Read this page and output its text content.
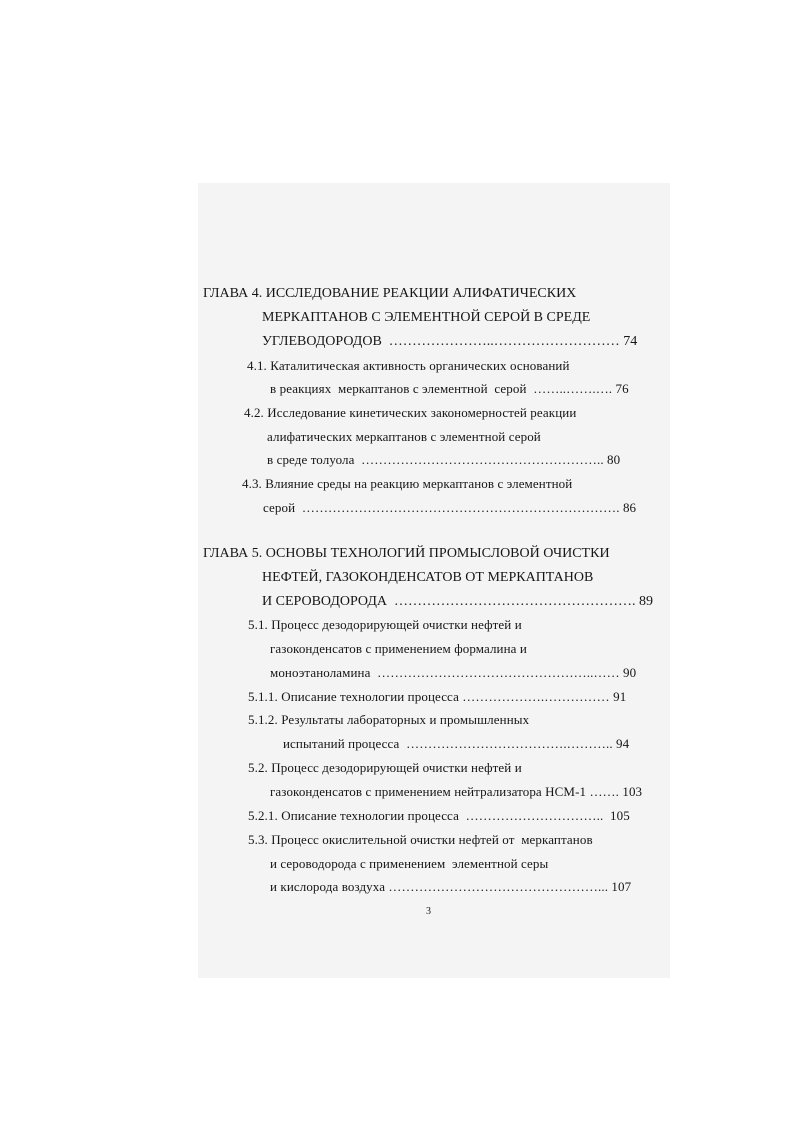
ГЛАВА 4. ИССЛЕДОВАНИЕ РЕАКЦИИ АЛИФАТИЧЕСКИХ
МЕРКАПТАНОВ С ЭЛЕМЕНТНОЙ СЕРОЙ В СРЕДЕ
УГЛЕВОДОРОДОВ  …………………..……………………… 74
4.1. Каталитическая активность органических оснований
в реакциях  меркаптанов с элементной  серой  ……..…….…. 76
4.2. Исследование кинетических закономерностей реакции
алифатических меркаптанов с элементной серой
в среде толуола  ……………………………………………….. 80
4.3. Влияние среды на реакцию меркаптанов с элементной
серой  ………………………………………………………………. 86
ГЛАВА 5. ОСНОВЫ ТЕХНОЛОГИЙ ПРОМЫСЛОВОЙ ОЧИСТКИ
НЕФТЕЙ, ГАЗОКОНДЕНСАТОВ ОТ МЕРКАПТАНОВ
И СЕРОВОДОРОДА  ……………………………………………. 89
5.1. Процесс дезодорирующей очистки нефтей и
газоконденсатов с применением формалина и
моноэтаноламина  …………………………………………..…… 90
5.1.1. Описание технологии процесса ……………….…………… 91
5.1.2. Результаты лабораторных и промышленных
испытаний процесса  ……………………………….……….. 94
5.2. Процесс дезодорирующей очистки нефтей и
газоконденсатов с применением нейтрализатора НСМ-1 ……. 103
5.2.1. Описание технологии процесса  …………………………..  105
5.3. Процесс окислительной очистки нефтей от  меркаптанов
и сероводорода с применением  элементной серы
и кислорода воздуха …………………………………………... 107
3
